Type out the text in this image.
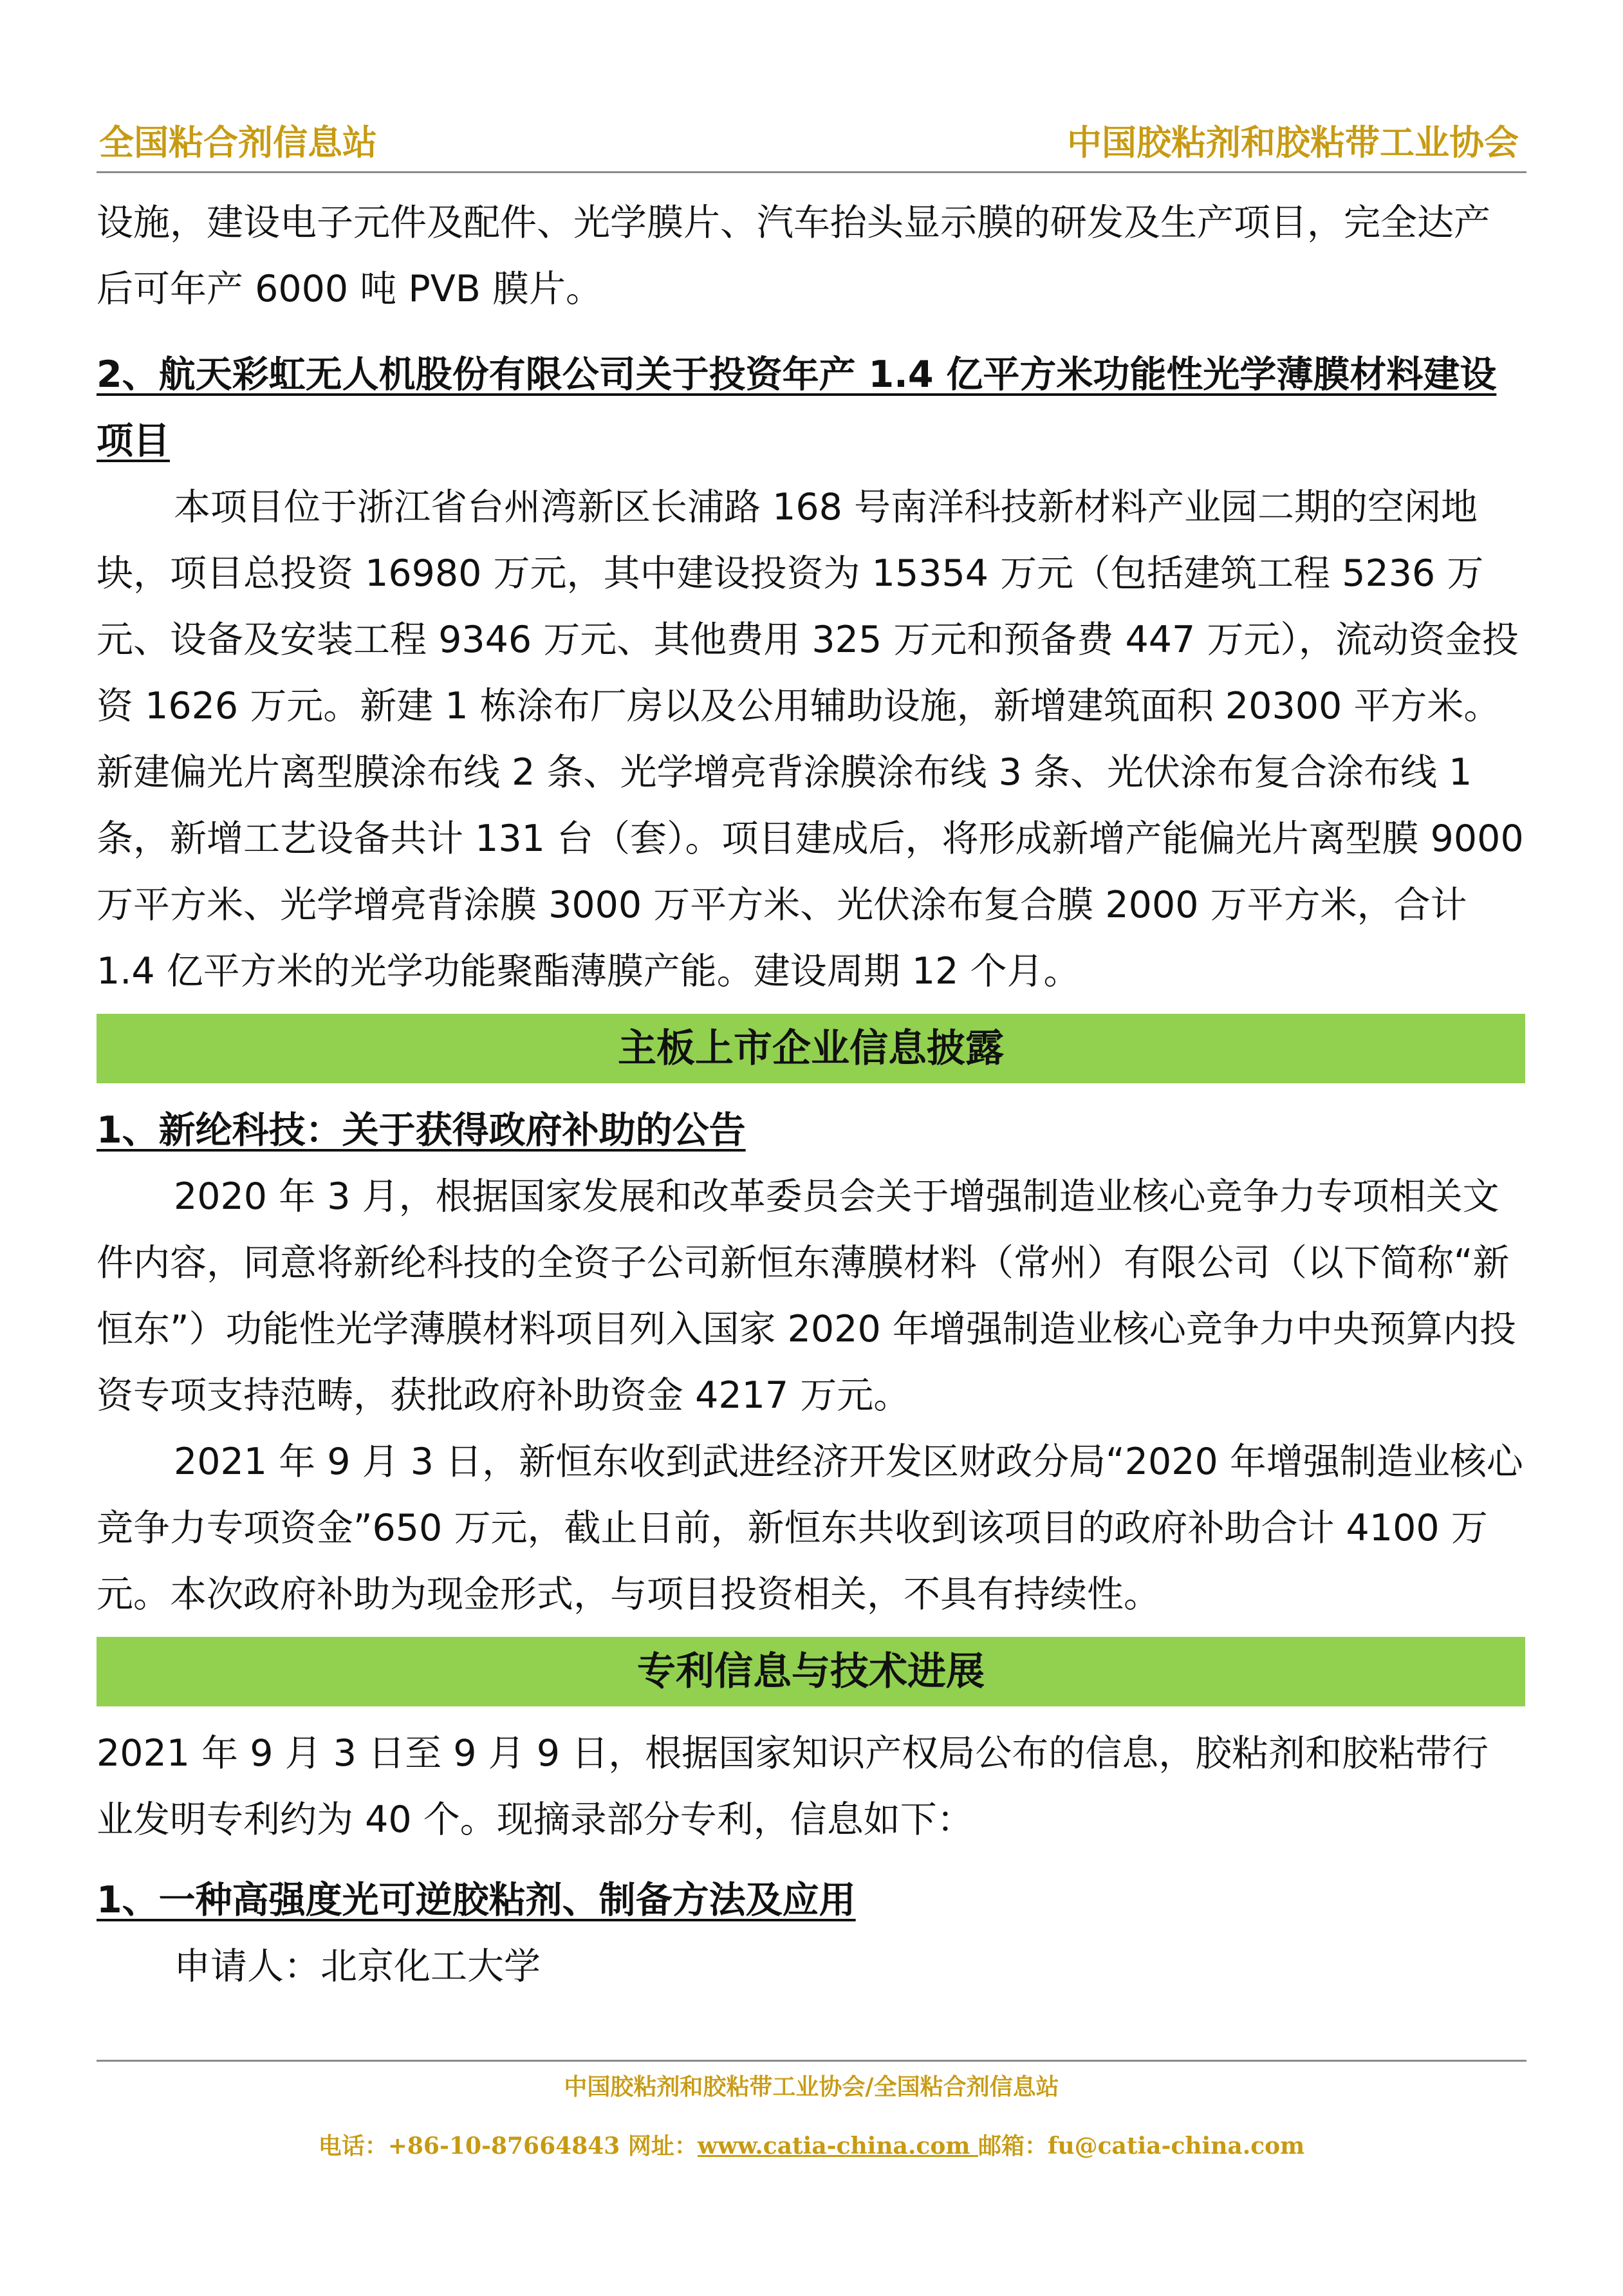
全国粘合剂信息站	中国胶粘剂和胶粘带工业协会

设施，建设电子元件及配件、光学膜片、汽车抬头显示膜的研发及生产项目，完全达产后可年产 6000 吨 PVB 膜片。

2、航天彩虹无人机股份有限公司关于投资年产 1.4 亿平方米功能性光学薄膜材料建设项目

本项目位于浙江省台州湾新区长浦路 168 号南洋科技新材料产业园二期的空闲地块，项目总投资 16980 万元，其中建设投资为 15354 万元（包括建筑工程 5236 万元、设备及安装工程 9346 万元、其他费用 325 万元和预备费 447 万元），流动资金投资 1626 万元。新建 1 栋涂布厂房以及公用辅助设施，新增建筑面积 20300 平方米。新建偏光片离型膜涂布线 2 条、光学增亮背涂膜涂布线 3 条、光伏涂布复合涂布线 1 条，新增工艺设备共计 131 台（套）。项目建成后，将形成新增产能偏光片离型膜 9000 万平方米、光学增亮背涂膜 3000 万平方米、光伏涂布复合膜 2000 万平方米，合计 1.4 亿平方米的光学功能聚酯薄膜产能。建设周期 12 个月。

主板上市企业信息披露
1、新纶科技：关于获得政府补助的公告

2020 年 3 月，根据国家发展和改革委员会关于增强制造业核心竞争力专项相关文件内容，同意将新纶科技的全资子公司新恒东薄膜材料（常州）有限公司（以下简称“新恒东”）功能性光学薄膜材料项目列入国家 2020 年增强制造业核心竞争力中央预算内投资专项支持范畴，获批政府补助资金 4217 万元。

2021 年 9 月 3 日，新恒东收到武进经济开发区财政分局“2020 年增强制造业核心竞争力专项资金”650 万元，截止日前，新恒东共收到该项目的政府补助合计 4100 万元。本次政府补助为现金形式，与项目投资相关，不具有持续性。

专利信息与技术进展

2021 年 9 月 3 日至 9 月 9 日，根据国家知识产权局公布的信息，胶粘剂和胶粘带行业发明专利约为 40 个。现摘录部分专利，信息如下：

1、一种高强度光可逆胶粘剂、制备方法及应用

申请人：北京化工大学

中国胶粘剂和胶粘带工业协会/全国粘合剂信息站
电话：+86-10-87664843 网址：www.catia-china.com 邮箱：fu@catia-china.com
